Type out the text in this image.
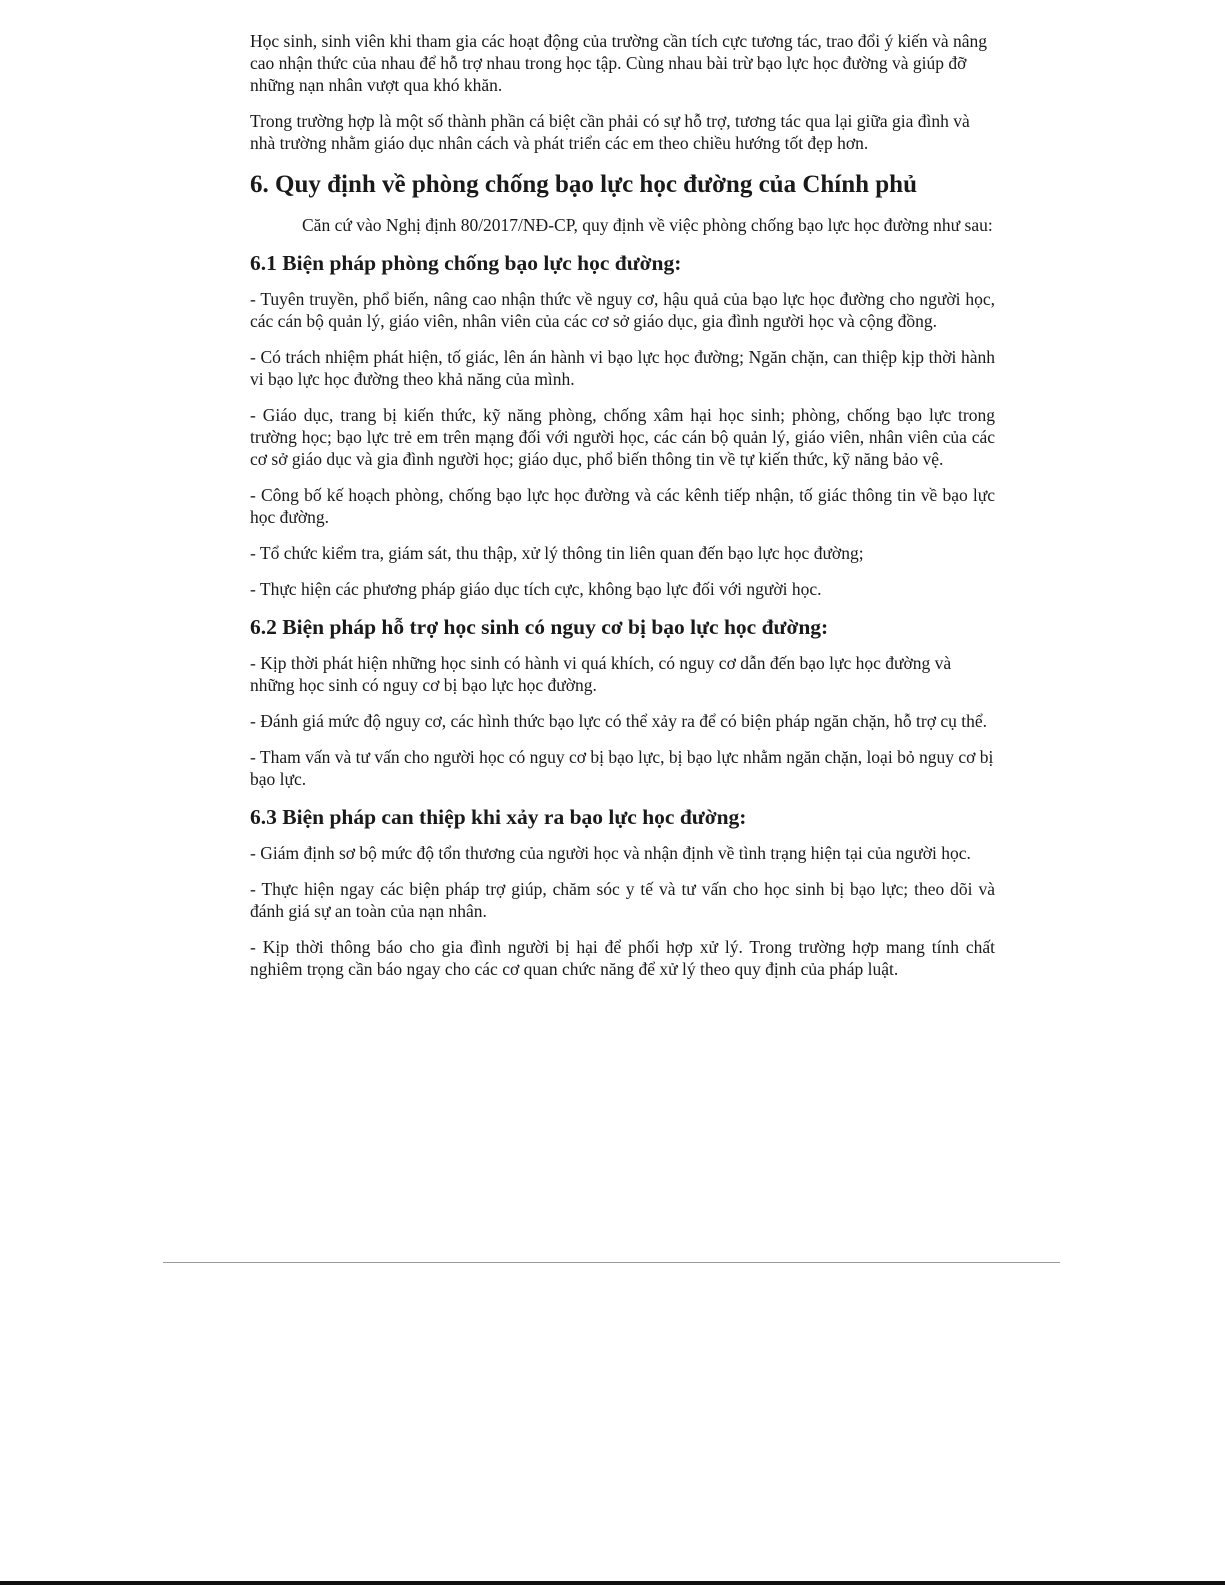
Học sinh, sinh viên khi tham gia các hoạt động của trường cần tích cực tương tác, trao đổi ý kiến và nâng cao nhận thức của nhau để hỗ trợ nhau trong học tập. Cùng nhau bài trừ bạo lực học đường và giúp đỡ những nạn nhân vượt qua khó khăn.

Trong trường hợp là một số thành phần cá biệt cần phải có sự hỗ trợ, tương tác qua lại giữa gia đình và nhà trường nhằm giáo dục nhân cách và phát triển các em theo chiều hướng tốt đẹp hơn.

6. Quy định về phòng chống bạo lực học đường của Chính phủ

Căn cứ vào Nghị định 80/2017/NĐ-CP, quy định về việc phòng chống bạo lực học đường như sau:

6.1 Biện pháp phòng chống bạo lực học đường:

- Tuyên truyền, phổ biến, nâng cao nhận thức về nguy cơ, hậu quả của bạo lực học đường cho người học, các cán bộ quản lý, giáo viên, nhân viên của các cơ sở giáo dục, gia đình người học và cộng đồng.

- Có trách nhiệm phát hiện, tố giác, lên án hành vi bạo lực học đường; Ngăn chặn, can thiệp kịp thời hành vi bạo lực học đường theo khả năng của mình.

- Giáo dục, trang bị kiến thức, kỹ năng phòng, chống xâm hại học sinh; phòng, chống bạo lực trong trường học; bạo lực trẻ em trên mạng đối với người học, các cán bộ quản lý, giáo viên, nhân viên của các cơ sở giáo dục và gia đình người học; giáo dục, phổ biến thông tin về tự kiến thức, kỹ năng bảo vệ.

- Công bố kế hoạch phòng, chống bạo lực học đường và các kênh tiếp nhận, tố giác thông tin về bạo lực học đường.

- Tổ chức kiểm tra, giám sát, thu thập, xử lý thông tin liên quan đến bạo lực học đường;

- Thực hiện các phương pháp giáo dục tích cực, không bạo lực đối với người học.

6.2 Biện pháp hỗ trợ học sinh có nguy cơ bị bạo lực học đường:

- Kịp thời phát hiện những học sinh có hành vi quá khích, có nguy cơ dẫn đến bạo lực học đường và những học sinh có nguy cơ bị bạo lực học đường.

- Đánh giá mức độ nguy cơ, các hình thức bạo lực có thể xảy ra để có biện pháp ngăn chặn, hỗ trợ cụ thể.

- Tham vấn và tư vấn cho người học có nguy cơ bị bạo lực, bị bạo lực nhằm ngăn chặn, loại bỏ nguy cơ bị bạo lực.

6.3 Biện pháp can thiệp khi xảy ra bạo lực học đường:

- Giám định sơ bộ mức độ tổn thương của người học và nhận định về tình trạng hiện tại của người học.

- Thực hiện ngay các biện pháp trợ giúp, chăm sóc y tế và tư vấn cho học sinh bị bạo lực; theo dõi và đánh giá sự an toàn của nạn nhân.

- Kịp thời thông báo cho gia đình người bị hại để phối hợp xử lý. Trong trường hợp mang tính chất nghiêm trọng cần báo ngay cho các cơ quan chức năng để xử lý theo quy định của pháp luật.
